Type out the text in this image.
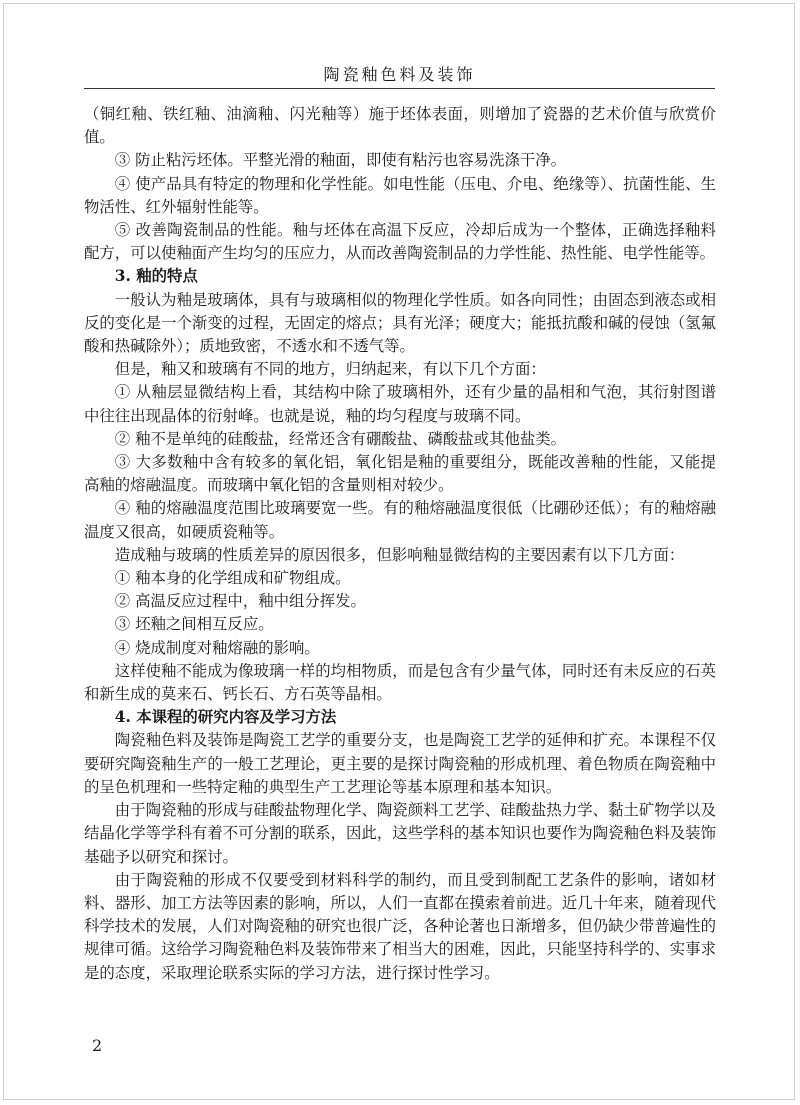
陶瓷釉色料及装饰

（铜红釉、铁红釉、油滴釉、闪光釉等）施于坯体表面，则增加了瓷器的艺术价值与欣赏价值。

③ 防止粘污坯体。平整光滑的釉面，即使有粘污也容易洗涤干净。

④ 使产品具有特定的物理和化学性能。如电性能（压电、介电、绝缘等）、抗菌性能、生物活性、红外辐射性能等。

⑤ 改善陶瓷制品的性能。釉与坯体在高温下反应，冷却后成为一个整体，正确选择釉料配方，可以使釉面产生均匀的压应力，从而改善陶瓷制品的力学性能、热性能、电学性能等。

3. 釉的特点

一般认为釉是玻璃体，具有与玻璃相似的物理化学性质。如各向同性；由固态到液态或相反的变化是一个渐变的过程，无固定的熔点；具有光泽；硬度大；能抵抗酸和碱的侵蚀（氢氟酸和热碱除外）；质地致密，不透水和不透气等。

但是，釉又和玻璃有不同的地方，归纳起来，有以下几个方面：

① 从釉层显微结构上看，其结构中除了玻璃相外，还有少量的晶相和气泡，其衍射图谱中往往出现晶体的衍射峰。也就是说，釉的均匀程度与玻璃不同。

② 釉不是单纯的硅酸盐，经常还含有硼酸盐、磷酸盐或其他盐类。

③ 大多数釉中含有较多的氧化铝，氧化铝是釉的重要组分，既能改善釉的性能，又能提高釉的熔融温度。而玻璃中氧化铝的含量则相对较少。

④ 釉的熔融温度范围比玻璃要宽一些。有的釉熔融温度很低（比硼砂还低）；有的釉熔融温度又很高，如硬质瓷釉等。

造成釉与玻璃的性质差异的原因很多，但影响釉显微结构的主要因素有以下几方面：

① 釉本身的化学组成和矿物组成。

② 高温反应过程中，釉中组分挥发。

③ 坯釉之间相互反应。

④ 烧成制度对釉熔融的影响。

这样使釉不能成为像玻璃一样的均相物质，而是包含有少量气体，同时还有未反应的石英和新生成的莫来石、钙长石、方石英等晶相。

4. 本课程的研究内容及学习方法

陶瓷釉色料及装饰是陶瓷工艺学的重要分支，也是陶瓷工艺学的延伸和扩充。本课程不仅要研究陶瓷釉生产的一般工艺理论，更主要的是探讨陶瓷釉的形成机理、着色物质在陶瓷釉中的呈色机理和一些特定釉的典型生产工艺理论等基本原理和基本知识。

由于陶瓷釉的形成与硅酸盐物理化学、陶瓷颜料工艺学、硅酸盐热力学、黏土矿物学以及结晶化学等学科有着不可分割的联系，因此，这些学科的基本知识也要作为陶瓷釉色料及装饰基础予以研究和探讨。

由于陶瓷釉的形成不仅要受到材料科学的制约，而且受到制配工艺条件的影响，诸如材料、器形、加工方法等因素的影响，所以，人们一直都在摸索着前进。近几十年来，随着现代科学技术的发展，人们对陶瓷釉的研究也很广泛，各种论著也日渐增多，但仍缺少带普遍性的规律可循。这给学习陶瓷釉色料及装饰带来了相当大的困难，因此，只能坚持科学的、实事求是的态度，采取理论联系实际的学习方法，进行探讨性学习。

2
